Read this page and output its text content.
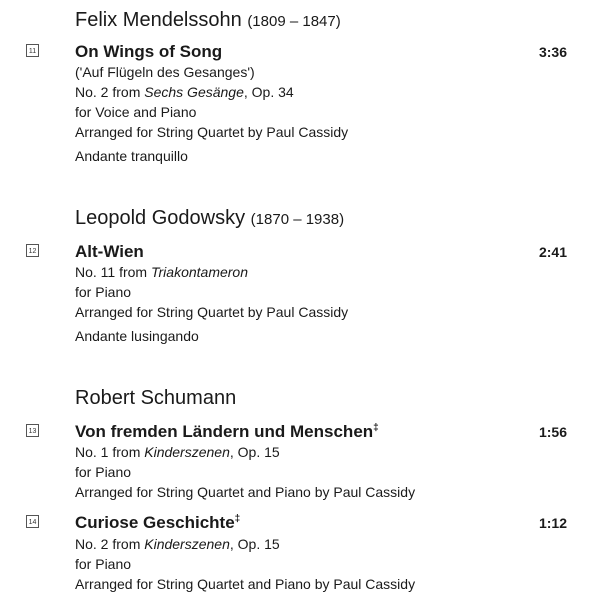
Felix Mendelssohn (1809 – 1847)
11 On Wings of Song	3:36
('Auf Flügeln des Gesanges')
No. 2 from Sechs Gesänge, Op. 34
for Voice and Piano
Arranged for String Quartet by Paul Cassidy
Andante tranquillo
Leopold Godowsky (1870 – 1938)
12 Alt-Wien	2:41
No. 11 from Triakontameron
for Piano
Arranged for String Quartet by Paul Cassidy
Andante lusingando
Robert Schumann
13 Von fremden Ländern und Menschen‡	1:56
No. 1 from Kinderszenen, Op. 15
for Piano
Arranged for String Quartet and Piano by Paul Cassidy
14 Curiose Geschichte‡	1:12
No. 2 from Kinderszenen, Op. 15
for Piano
Arranged for String Quartet and Piano by Paul Cassidy
